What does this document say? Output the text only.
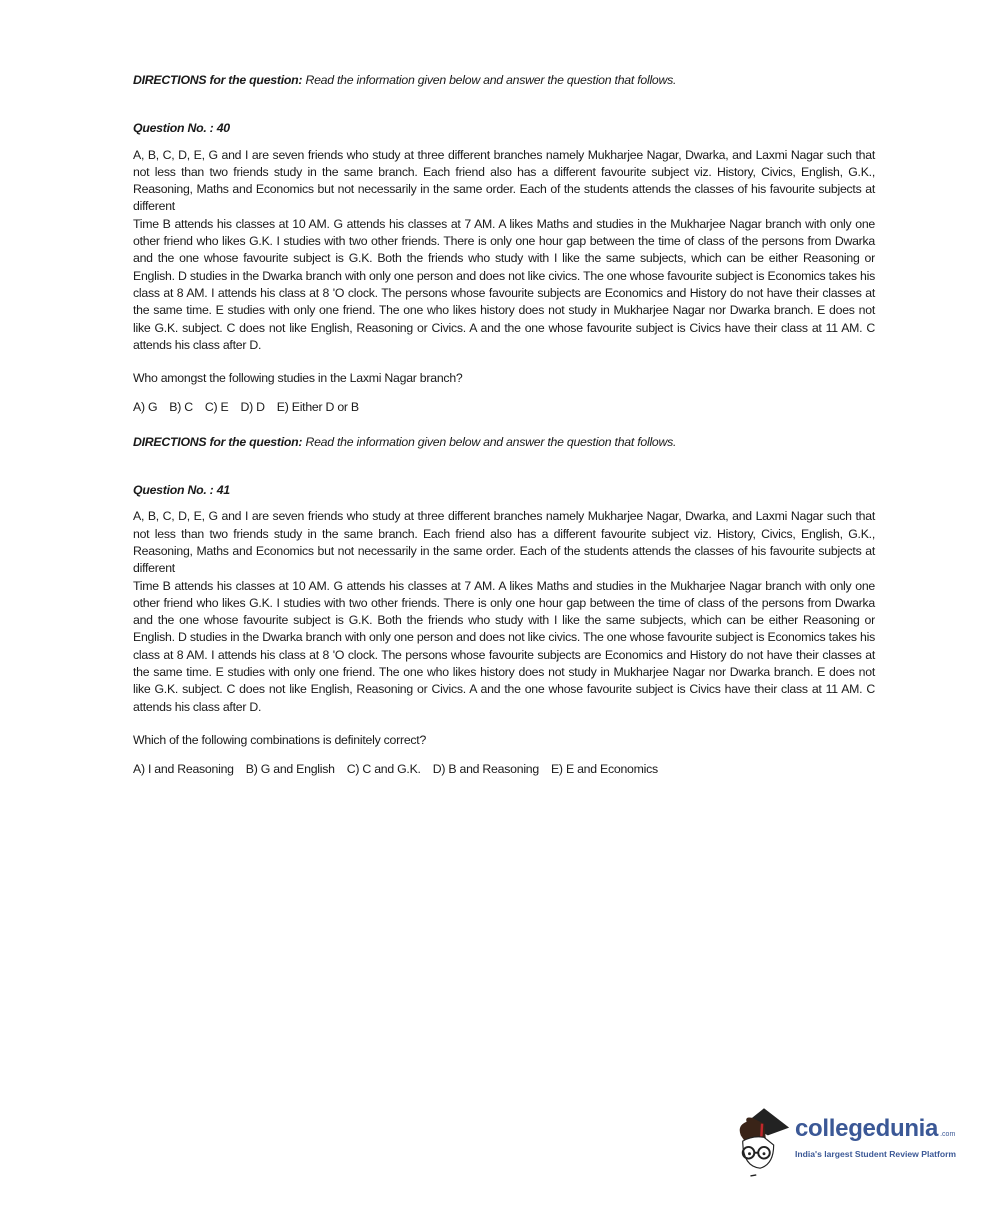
DIRECTIONS for the question: Read the information given below and answer the question that follows.
Question No. : 40

A, B, C, D, E, G and I are seven friends who study at three different branches namely Mukharjee Nagar, Dwarka, and Laxmi Nagar such that not less than two friends study in the same branch. Each friend also has a different favourite subject viz. History, Civics, English, G.K., Reasoning, Maths and Economics but not necessarily in the same order. Each of the students attends the classes of his favourite subjects at different

Time B attends his classes at 10 AM. G attends his classes at 7 AM. A likes Maths and studies in the Mukharjee Nagar branch with only one other friend who likes G.K. I studies with two other friends. There is only one hour gap between the time of class of the persons from Dwarka and the one whose favourite subject is G.K. Both the friends who study with I like the same subjects, which can be either Reasoning or English. D studies in the Dwarka branch with only one person and does not like civics. The one whose favourite subject is Economics takes his class at 8 AM. I attends his class at 8 'O clock. The persons whose favourite subjects are Economics and History do not have their classes at the same time. E studies with only one friend. The one who likes history does not study in Mukharjee Nagar nor Dwarka branch. E does not like G.K. subject. C does not like English, Reasoning or Civics. A and the one whose favourite subject is Civics have their class at 11 AM. C attends his class after D.

Who amongst the following studies in the Laxmi Nagar branch?
A) G B) C C) E D) D E) Either D or B
DIRECTIONS for the question: Read the information given below and answer the question that follows.
Question No. : 41

A, B, C, D, E, G and I are seven friends who study at three different branches namely Mukharjee Nagar, Dwarka, and Laxmi Nagar such that not less than two friends study in the same branch. Each friend also has a different favourite subject viz. History, Civics, English, G.K., Reasoning, Maths and Economics but not necessarily in the same order. Each of the students attends the classes of his favourite subjects at different

Time B attends his classes at 10 AM. G attends his classes at 7 AM. A likes Maths and studies in the Mukharjee Nagar branch with only one other friend who likes G.K. I studies with two other friends. There is only one hour gap between the time of class of the persons from Dwarka and the one whose favourite subject is G.K. Both the friends who study with I like the same subjects, which can be either Reasoning or English. D studies in the Dwarka branch with only one person and does not like civics. The one whose favourite subject is Economics takes his class at 8 AM. I attends his class at 8 'O clock. The persons whose favourite subjects are Economics and History do not have their classes at the same time. E studies with only one friend. The one who likes history does not study in Mukharjee Nagar nor Dwarka branch. E does not like G.K. subject. C does not like English, Reasoning or Civics. A and the one whose favourite subject is Civics have their class at 11 AM. C attends his class after D.

Which of the following combinations is definitely correct?
A) I and Reasoning B) G and English C) C and G.K. D) B and Reasoning E) E and Economics
collegedunia .com
India's largest Student Review Platform
